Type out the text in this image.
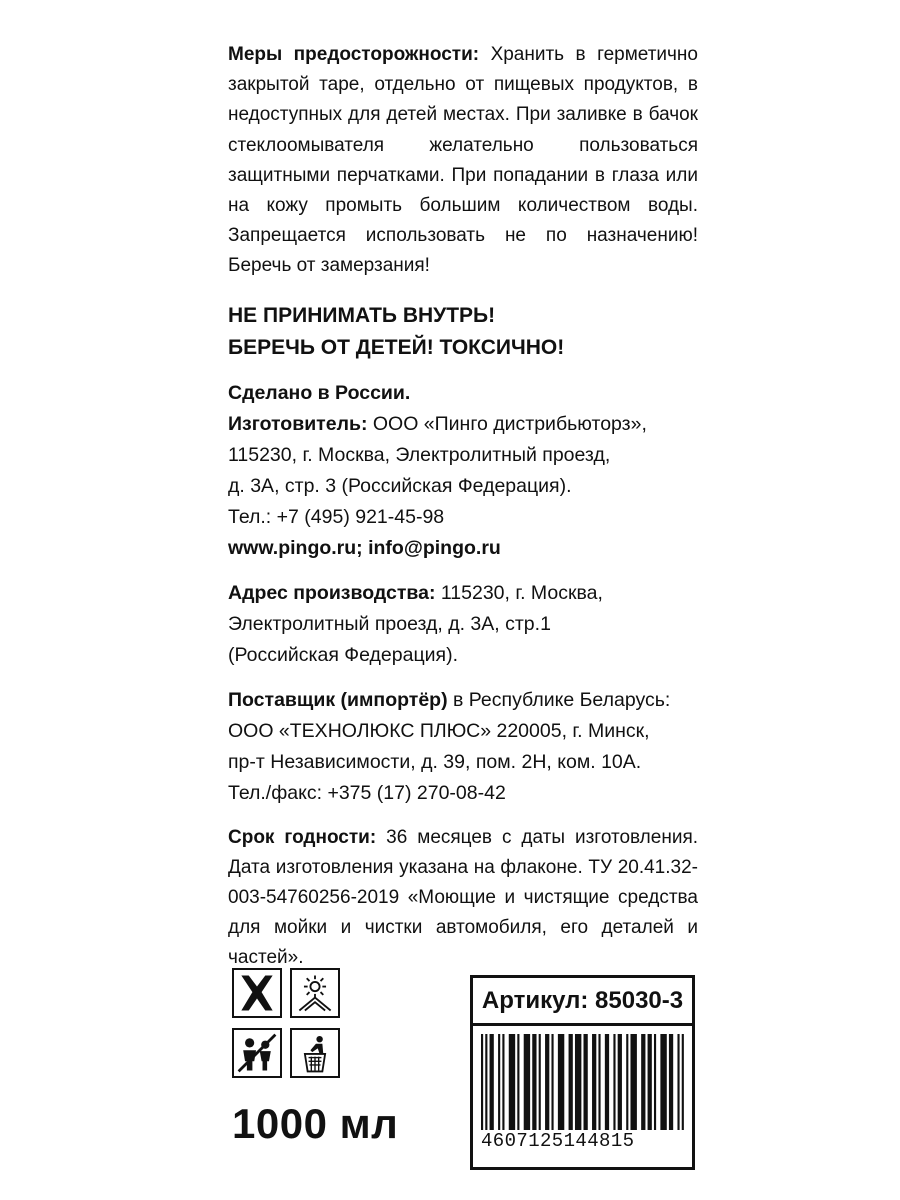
Меры предосторожности: Хранить в герметично закрытой таре, отдельно от пищевых продуктов, в недоступных для детей местах. При заливке в бачок стеклоомывателя желательно пользоваться защитными перчатками. При попадании в глаза или на кожу промыть большим количеством воды. Запрещается использовать не по назначению! Беречь от замерзания!

НЕ ПРИНИМАТЬ ВНУТРЬ!
БЕРЕЧЬ ОТ ДЕТЕЙ! ТОКСИЧНО!
Сделано в России.
Изготовитель: ООО «Пинго дистрибьюторз»,
115230, г. Москва, Электролитный проезд,
д. 3А, стр. 3 (Российская Федерация).
Тел.: +7 (495) 921-45-98
www.pingo.ru; info@pingo.ru
Адрес производства: 115230, г. Москва,
Электролитный проезд, д. 3А, стр.1
(Российская Федерация).
Поставщик (импортёр) в Республике Беларусь:
ООО «ТЕХНОЛЮКС ПЛЮС» 220005, г. Минск,
пр-т Независимости, д. 39, пом. 2Н, ком. 10А.
Тел./факс: +375 (17) 270-08-42

Срок годности: 36 месяцев с даты изготовления. Дата изготовления указана на флаконе. ТУ 20.41.32-003-54760256-2019 «Моющие и чистящие средства для мойки и чистки автомобиля, его деталей и частей».

1000 мл
Артикул: 85030-3
4607125144815
